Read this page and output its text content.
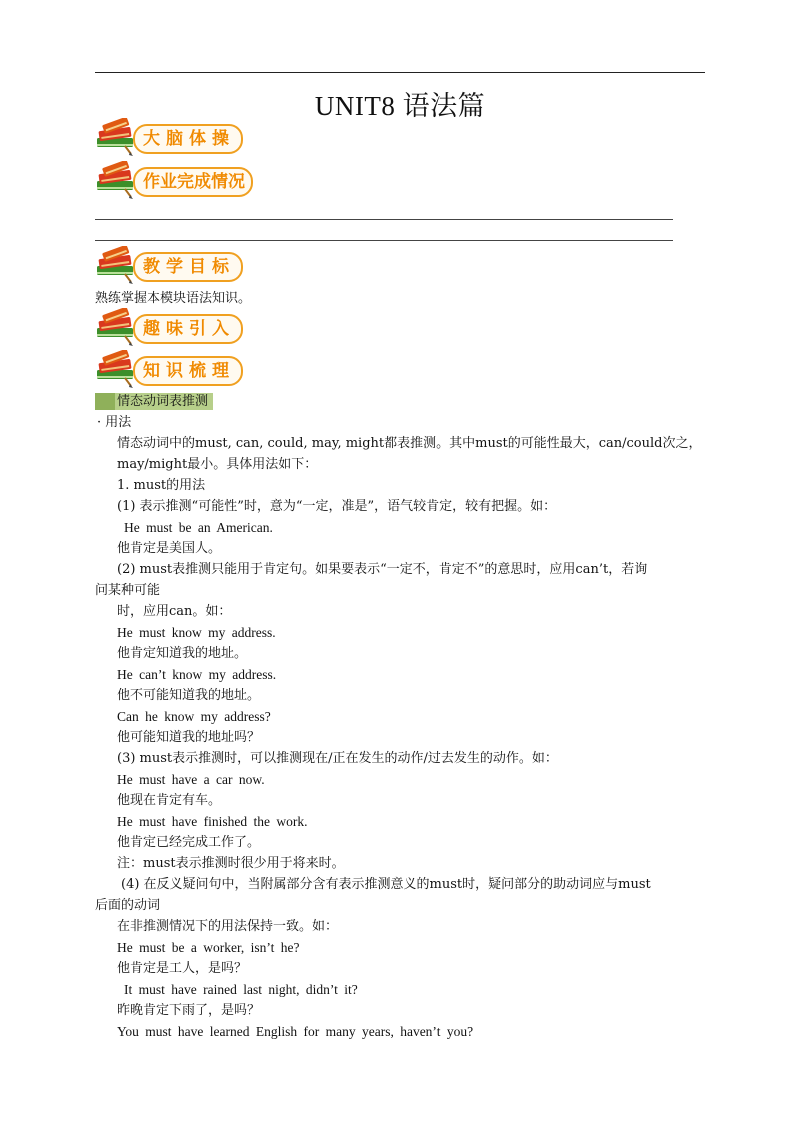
UNIT8 语法篇
大脑体操
作业完成情况
教学目标
熟练掌握本模块语法知识。
趣味引入
知识梳理
情态动词表推测
· 用法
情态动词中的must, can, could, may, might都表推测。其中must的可能性最大，can/could次之，
may/might最小。具体用法如下：
1. must的用法
(1) 表示推测“可能性”时，意为“一定，准是”，语气较肯定，较有把握。如：
He must be an American.
他肯定是美国人。
(2) must表推测只能用于肯定句。如果要表示“一定不，肯定不”的意思时，应用can’t，若询
问某种可能
时，应用can。如：
He must know my address.
他肯定知道我的地址。
He can’t know my address.
他不可能知道我的地址。
Can he know my address?
他可能知道我的地址吗？
(3) must表示推测时，可以推测现在/正在发生的动作/过去发生的动作。如：
He must have a car now.
他现在肯定有车。
He must have finished the work.
他肯定已经完成工作了。
注：must表示推测时很少用于将来时。
(4) 在反义疑问句中，当附属部分含有表示推测意义的must时，疑问部分的助动词应与must
后面的动词
在非推测情况下的用法保持一致。如：
He must be a worker, isn’t he?
他肯定是工人，是吗？
It must have rained last night, didn’t it?
昨晚肯定下雨了，是吗？
You must have learned English for many years, haven’t you?
